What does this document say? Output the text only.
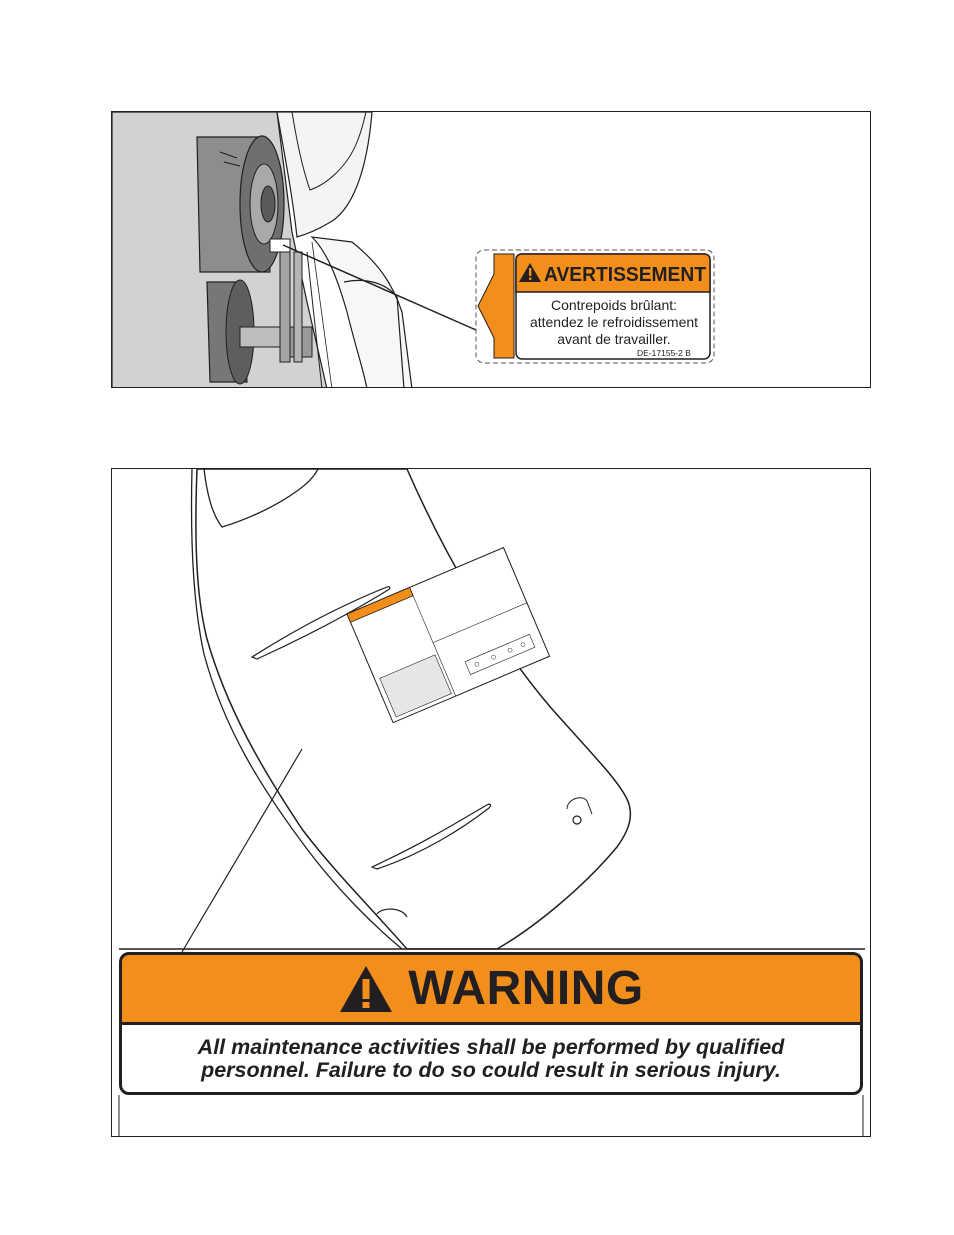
AVERTISSEMENT
Contrepoids brûlant:
attendez le refroidissement
avant de travailler.
DE-17155-2 B
WARNING
All maintenance activities shall be performed by qualified
personnel. Failure to do so could result in serious injury.
